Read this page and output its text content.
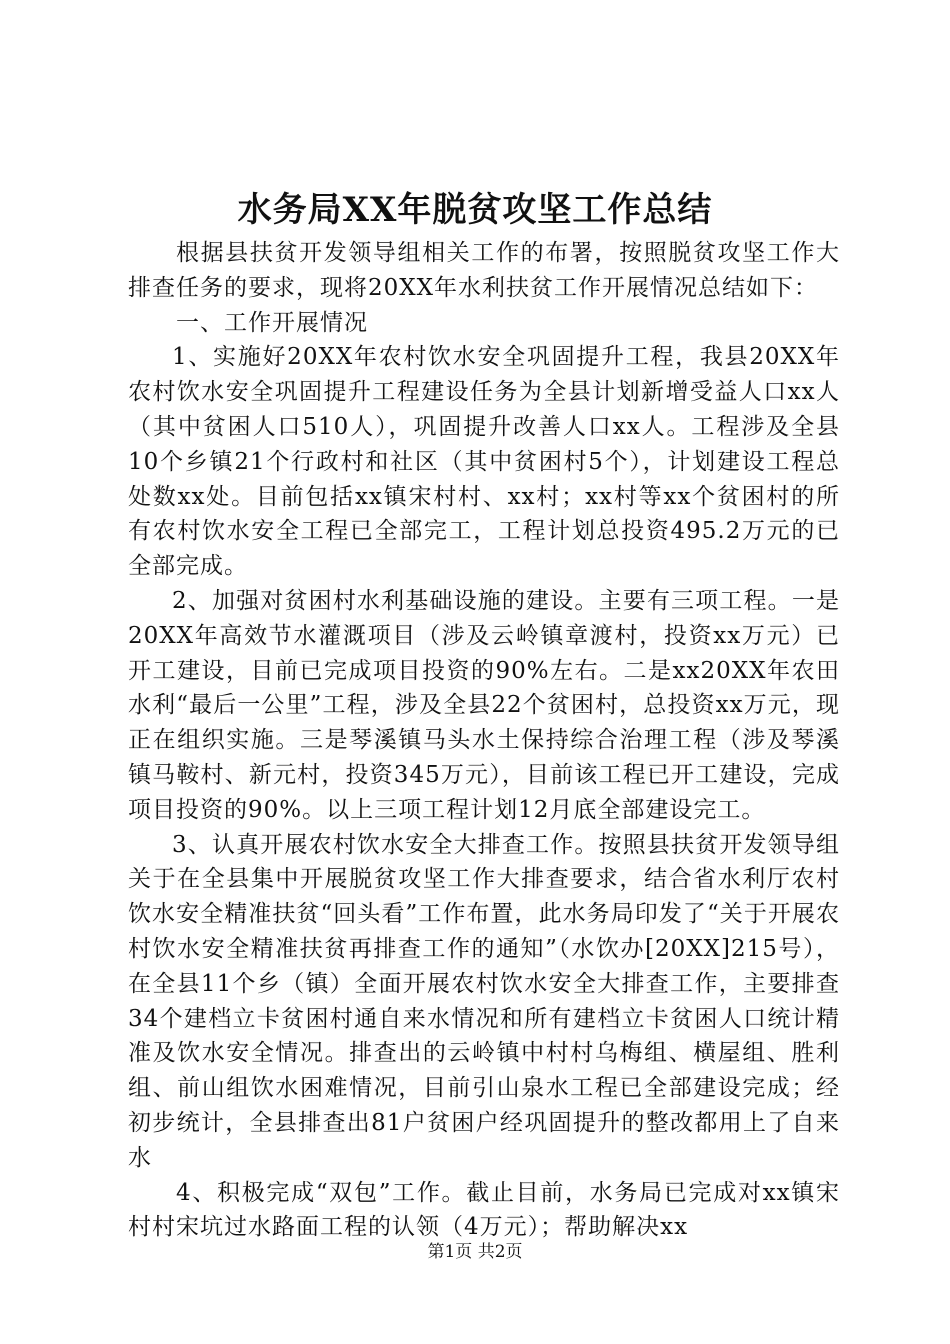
水务局XX年脱贫攻坚工作总结

根据县扶贫开发领导组相关工作的布署，按照脱贫攻坚工作大排查任务的要求，现将20XX年水利扶贫工作开展情况总结如下：

一、工作开展情况

1、实施好20XX年农村饮水安全巩固提升工程，我县20XX年农村饮水安全巩固提升工程建设任务为全县计划新增受益人口xx人（其中贫困人口510人），巩固提升改善人口xx人。工程涉及全县10个乡镇21个行政村和社区（其中贫困村5个），计划建设工程总处数xx处。目前包括xx镇宋村村、xx村；xx村等xx个贫困村的所有农村饮水安全工程已全部完工，工程计划总投资495.2万元的已全部完成。

2、加强对贫困村水利基础设施的建设。主要有三项工程。一是20XX年高效节水灌溉项目（涉及云岭镇章渡村，投资xx万元）已开工建设，目前已完成项目投资的90%左右。二是xx20XX年农田水利“最后一公里”工程，涉及全县22个贫困村，总投资xx万元，现正在组织实施。三是琴溪镇马头水土保持综合治理工程（涉及琴溪镇马鞍村、新元村，投资345万元），目前该工程已开工建设，完成项目投资的90%。以上三项工程计划12月底全部建设完工。

3、认真开展农村饮水安全大排查工作。按照县扶贫开发领导组关于在全县集中开展脱贫攻坚工作大排查要求，结合省水利厅农村饮水安全精准扶贫“回头看”工作布置，此水务局印发了“关于开展农村饮水安全精准扶贫再排查工作的通知”（水饮办[20XX]215号），在全县11个乡（镇）全面开展农村饮水安全大排查工作，主要排查34个建档立卡贫困村通自来水情况和所有建档立卡贫困人口统计精准及饮水安全情况。排查出的云岭镇中村村乌梅组、横屋组、胜利组、前山组饮水困难情况，目前引山泉水工程已全部建设完成；经初步统计，全县排查出81户贫困户经巩固提升的整改都用上了自来水

4、积极完成“双包”工作。截止目前，水务局已完成对xx镇宋村村宋坑过水路面工程的认领（4万元）；帮助解决xx

第1页 共2页
